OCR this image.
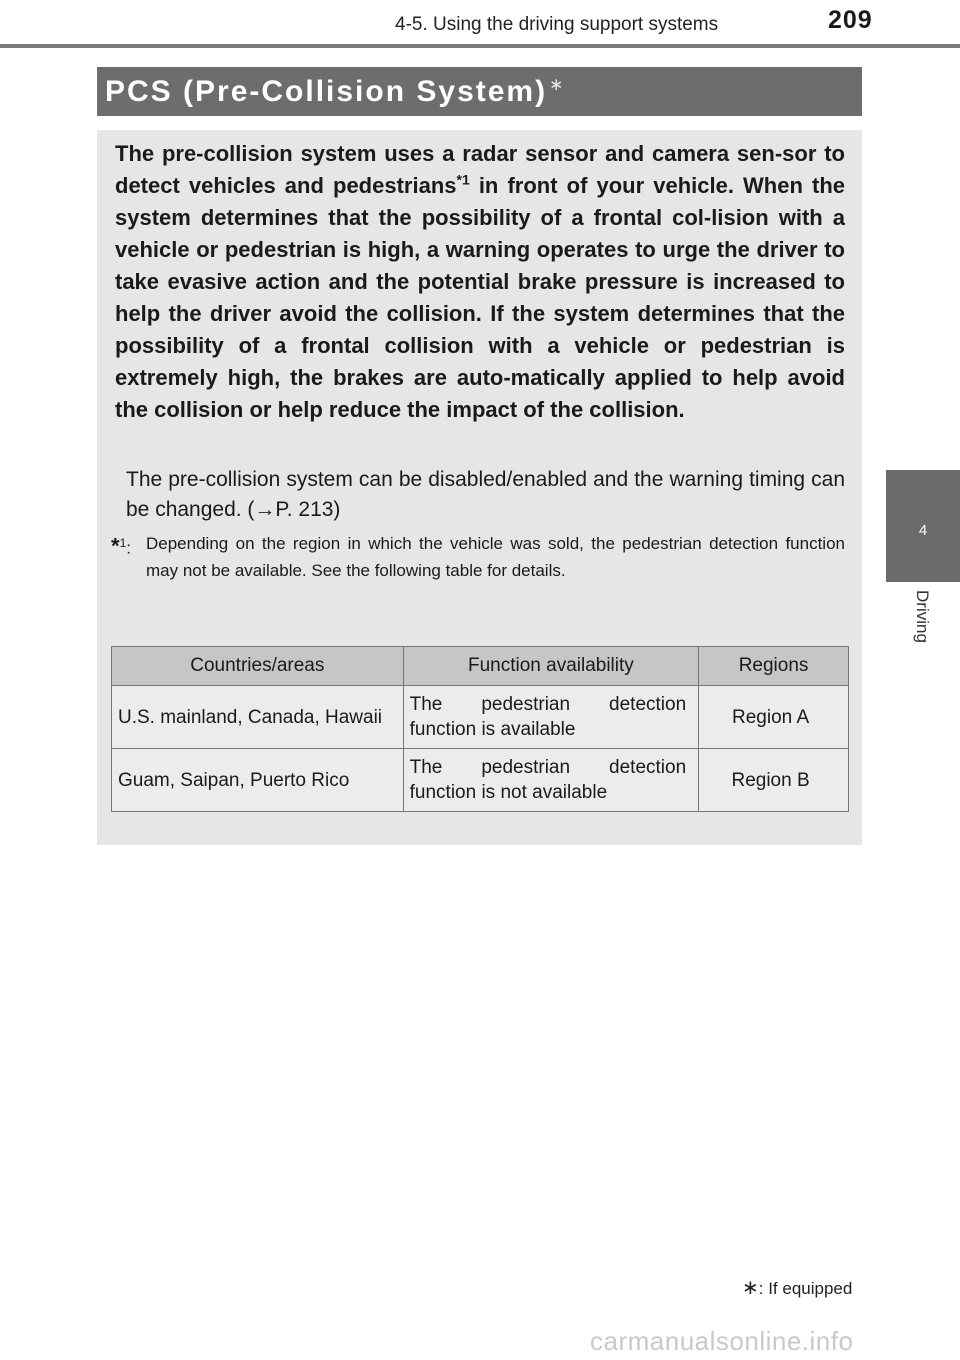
4-5. Using the driving support systems	209
4
Driving
PCS (Pre-Collision System) ∗

The pre-collision system uses a radar sensor and camera sen-sor to detect vehicles and pedestrians$^{*1}$ in front of your vehicle. When the system determines that the possibility of a frontal col-lision with a vehicle or pedestrian is high, a warning operates to urge the driver to take evasive action and the potential brake pressure is increased to help the driver avoid the collision. If the system determines that the possibility of a frontal collision with a vehicle or pedestrian is extremely high, the brakes are auto-matically applied to help avoid the collision or help reduce the impact of the collision.

The pre-collision system can be disabled/enabled and the warning timing can be changed. (→P. 213)

*$^1$: Depending on the region in which the vehicle was sold, the pedestrian detection function may not be available. See the following table for details.
Countries/areas	Function availability	Regions
U.S. mainland, Canada, Hawaii	The pedestrian detection function is available	Region A
Guam, Saipan, Puerto Rico	The pedestrian detection function is not available	Region B
∗: If equipped
carmanualsonline.info
